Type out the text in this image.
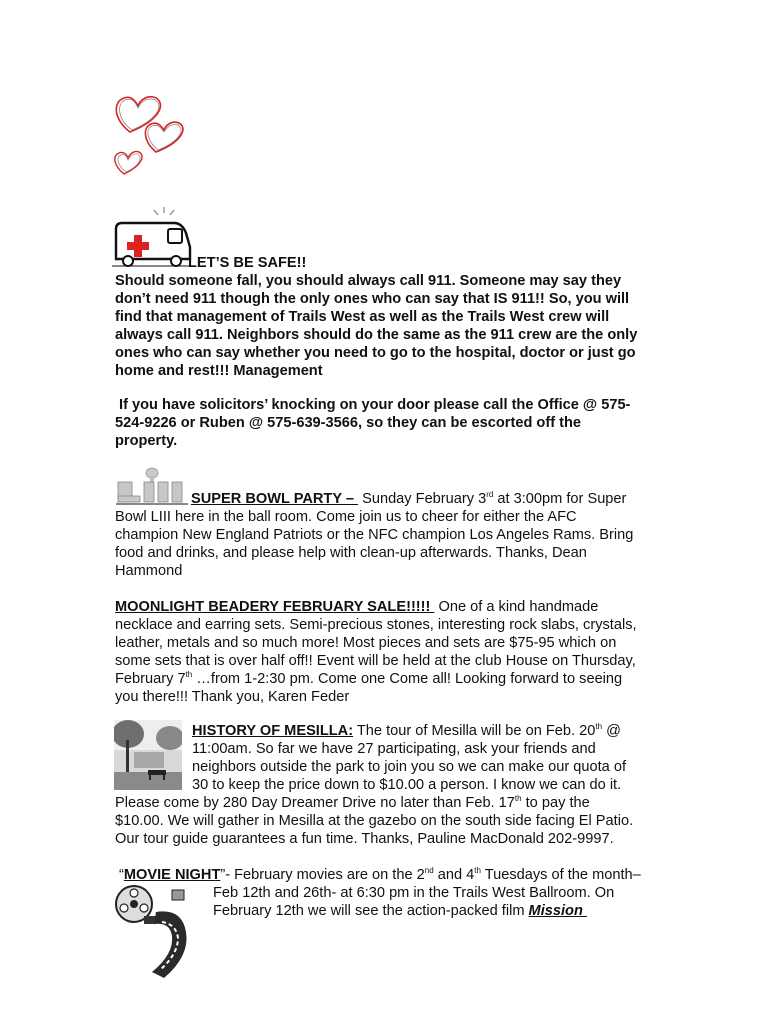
LET’S BE SAFE!!
Should someone fall, you should always call 911. Someone may say they
don’t need 911 though the only ones who can say that IS 911!! So, you will
find that management of Trails West as well as the Trails West crew will
always call 911. Neighbors should do the same as the 911 crew are the only
ones who can say whether you need to go to the hospital, doctor or just go
home and rest!!! Management
If you have solicitors’ knocking on your door please call the Office @ 575-
524-9226 or Ruben @ 575-639-3566, so they can be escorted off the
property.
SUPER BOWL PARTY –  Sunday February 3rd at 3:00pm for Super
Bowl LIII here in the ball room. Come join us to cheer for either the AFC
champion New England Patriots or the NFC champion Los Angeles Rams. Bring
food and drinks, and please help with clean-up afterwards. Thanks, Dean
Hammond
MOONLIGHT BEADERY FEBRUARY SALE!!!!!  One of a kind handmade
necklace and earring sets. Semi-precious stones, interesting rock slabs, crystals,
leather, metals and so much more! Most pieces and sets are $75-95 which on
some sets that is over half off!! Event will be held at the club House on Thursday,
February 7th …from 1-2:30 pm. Come one Come all! Looking forward to seeing
you there!!! Thank you, Karen Feder
HISTORY OF MESILLA: The tour of Mesilla will be on Feb. 20th @
11:00am. So far we have 27 participating, ask your friends and
neighbors outside the park to join you so we can make our quota of
30 to keep the price down to $10.00 a person. I know we can do it.
Please come by 280 Day Dreamer Drive no later than Feb. 17th to pay the
$10.00. We will gather in Mesilla at the gazebo on the south side facing El Patio.
Our tour guide guarantees a fun time. Thanks, Pauline MacDonald 202-9997.
“MOVIE NIGHT”- February movies are on the 2nd and 4th Tuesdays of the month–
Feb 12th and 26th- at 6:30 pm in the Trails West Ballroom. On
February 12th we will see the action-packed film Mission
